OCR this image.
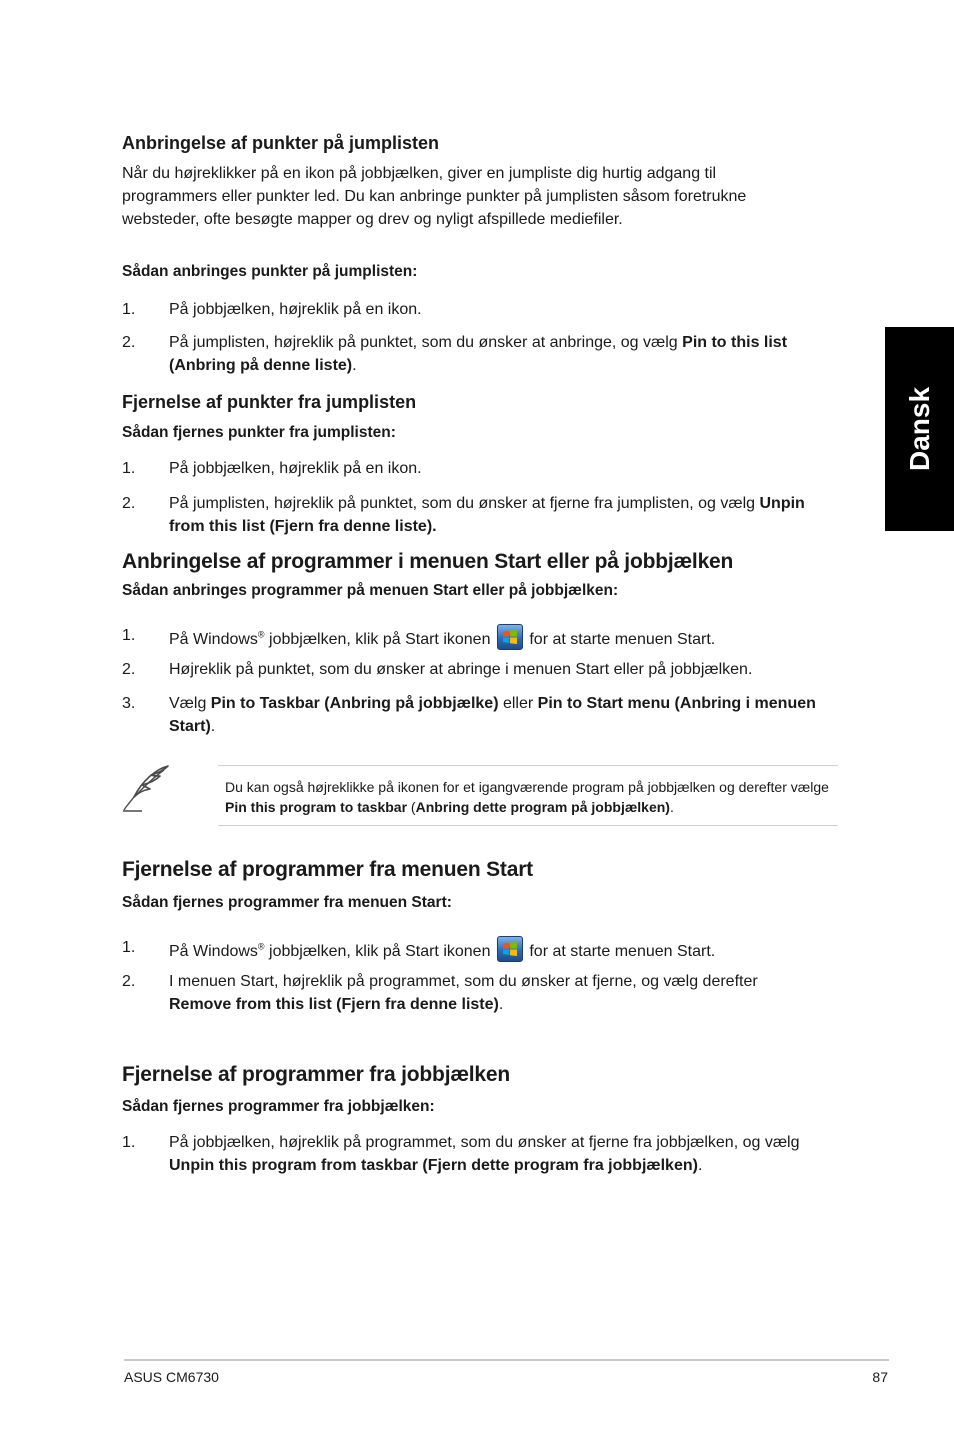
Dansk
Anbringelse af punkter på jumplisten
Når du højreklikker på en ikon på jobbjælken, giver en jumpliste dig hurtig adgang til programmers eller punkter led. Du kan anbringe punkter på jumplisten såsom foretrukne websteder, ofte besøgte mapper og drev og nyligt afspillede mediefiler.
Sådan anbringes punkter på jumplisten:
1. På jobbjælken, højreklik på en ikon.
2. På jumplisten, højreklik på punktet, som du ønsker at anbringe, og vælg Pin to this list (Anbring på denne liste).
Fjernelse af punkter fra jumplisten
Sådan fjernes punkter fra jumplisten:
1. På jobbjælken, højreklik på en ikon.
2. På jumplisten, højreklik på punktet, som du ønsker at fjerne fra jumplisten, og vælg Unpin from this list (Fjern fra denne liste).
Anbringelse af programmer i menuen Start eller på jobbjælken
Sådan anbringes programmer på menuen Start eller på jobbjælken:
1. På Windows® jobbjælken, klik på Start ikonen
for at starte menuen Start.
2. Højreklik på punktet, som du ønsker at abringe i menuen Start eller på jobbjælken.
3. Vælg Pin to Taskbar (Anbring på jobbjælke) eller Pin to Start menu (Anbring i menuen Start).
Du kan også højreklikke på ikonen for et igangværende program på jobbjælken og derefter vælge Pin this program to taskbar (Anbring dette program på jobbjælken).
Fjernelse af programmer fra menuen Start
Sådan fjernes programmer fra menuen Start:
1. På Windows® jobbjælken, klik på Start ikonen
for at starte menuen Start.
2. I menuen Start, højreklik på programmet, som du ønsker at fjerne, og vælg derefter Remove from this list (Fjern fra denne liste).
Fjernelse af programmer fra jobbjælken
Sådan fjernes programmer fra jobbjælken:
1. På jobbjælken, højreklik på programmet, som du ønsker at fjerne fra jobbjælken, og vælg Unpin this program from taskbar (Fjern dette program fra jobbjælken).
ASUS CM6730	87
